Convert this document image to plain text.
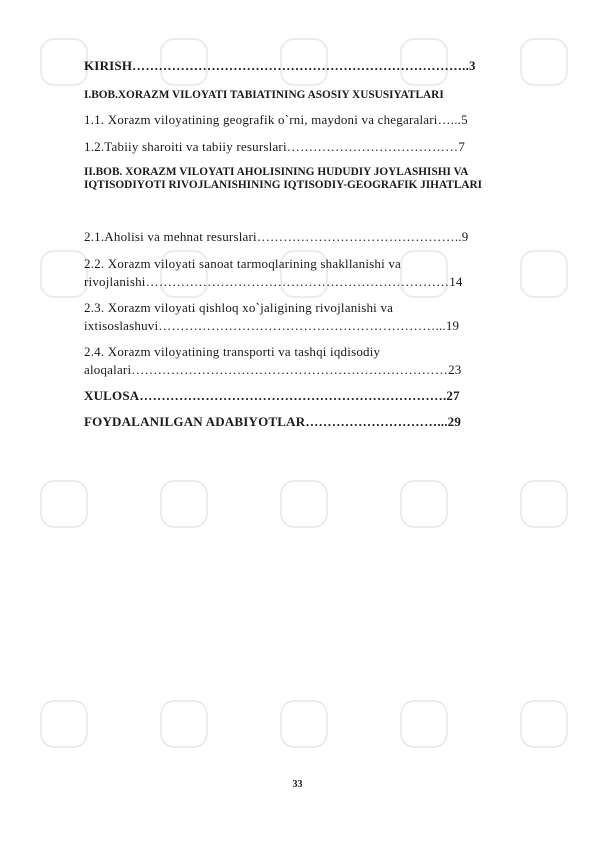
KIRISH…………………………………………………………………..3
I.BOB.XORAZM VILOYATI TABIATINING ASOSIY XUSUSIYATLARI
1.1. Xorazm viloyatining geografik o`rni, maydoni va chegaralari…...5
1.2.Tabiiy sharoiti va tabiiy resurslari…………………………………7
II.BOB. XORAZM VILOYATI AHOLISINING HUDUDIY JOYLASHISHI VA IQTISODIYOTI RIVOJLANISHINING IQTISODIY-GEOGRAFIK JIHATLARI
2.1.Aholisi va mehnat resurslari………………………………………..9
2.2. Xorazm viloyati sanoat tarmoqlarining shakllanishi va
rivojlanishi……………………………………………………………14
2.3. Xorazm viloyati qishloq xo`jaligining rivojlanishi va
ixtisoslashuvi………………………………………………………...19
2.4. Xorazm viloyatining transporti va tashqi iqdisodiy
aloqalari………………………………………………………………23
XULOSA…………………………………………………………….27
FOYDALANILGAN ADABIYOTLAR…………………………...29
33
